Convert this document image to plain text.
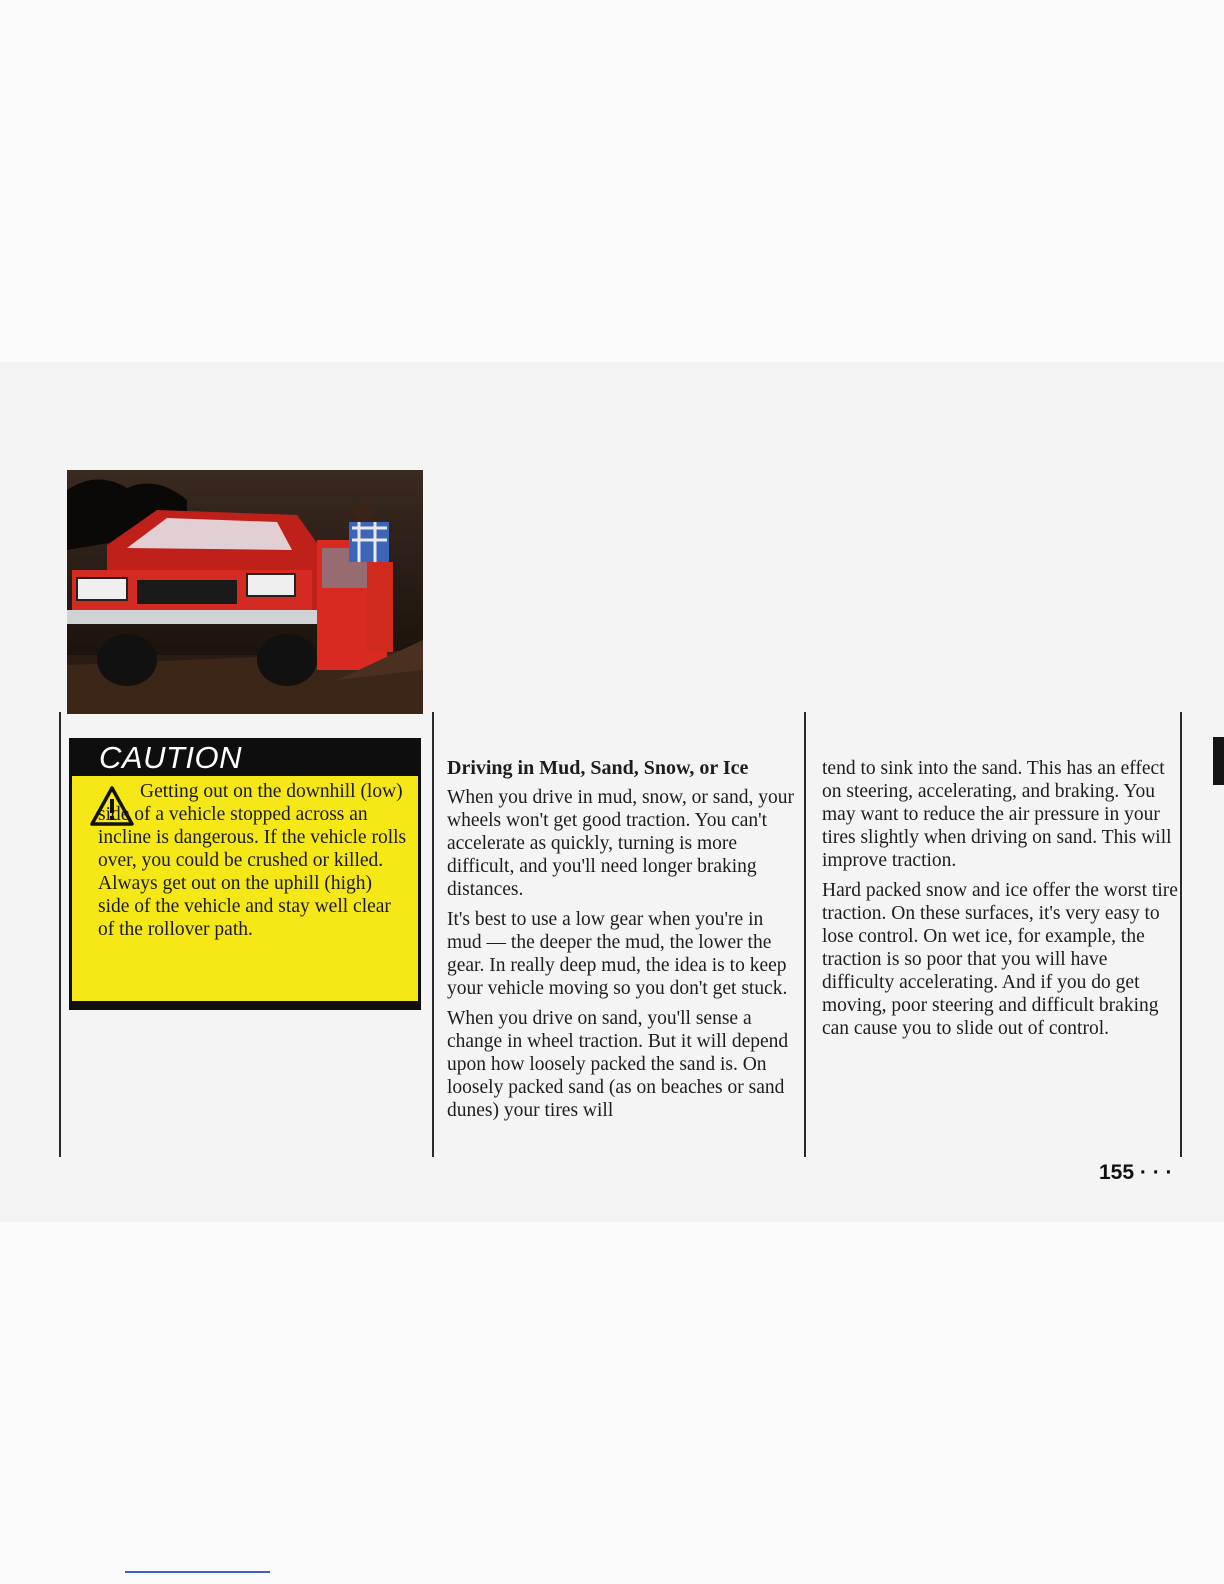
CAUTION

Getting out on the downhill (low) side of a vehicle stopped across an incline is dangerous. If the vehicle rolls over, you could be crushed or killed. Always get out on the uphill (high) side of the vehicle and stay well clear of the rollover path.

Driving in Mud, Sand, Snow, or Ice

When you drive in mud, snow, or sand, your wheels won't get good traction. You can't accelerate as quickly, turning is more difficult, and you'll need longer braking distances.

It's best to use a low gear when you're in mud — the deeper the mud, the lower the gear. In really deep mud, the idea is to keep your vehicle moving so you don't get stuck.

When you drive on sand, you'll sense a change in wheel traction. But it will depend upon how loosely packed the sand is. On loosely packed sand (as on beaches or sand dunes) your tires will

tend to sink into the sand. This has an effect on steering, accelerating, and braking. You may want to reduce the air pressure in your tires slightly when driving on sand. This will improve traction.

Hard packed snow and ice offer the worst tire traction. On these surfaces, it's very easy to lose control. On wet ice, for example, the traction is so poor that you will have difficulty accelerating. And if you do get moving, poor steering and difficult braking can cause you to slide out of control.

155 · · ·
